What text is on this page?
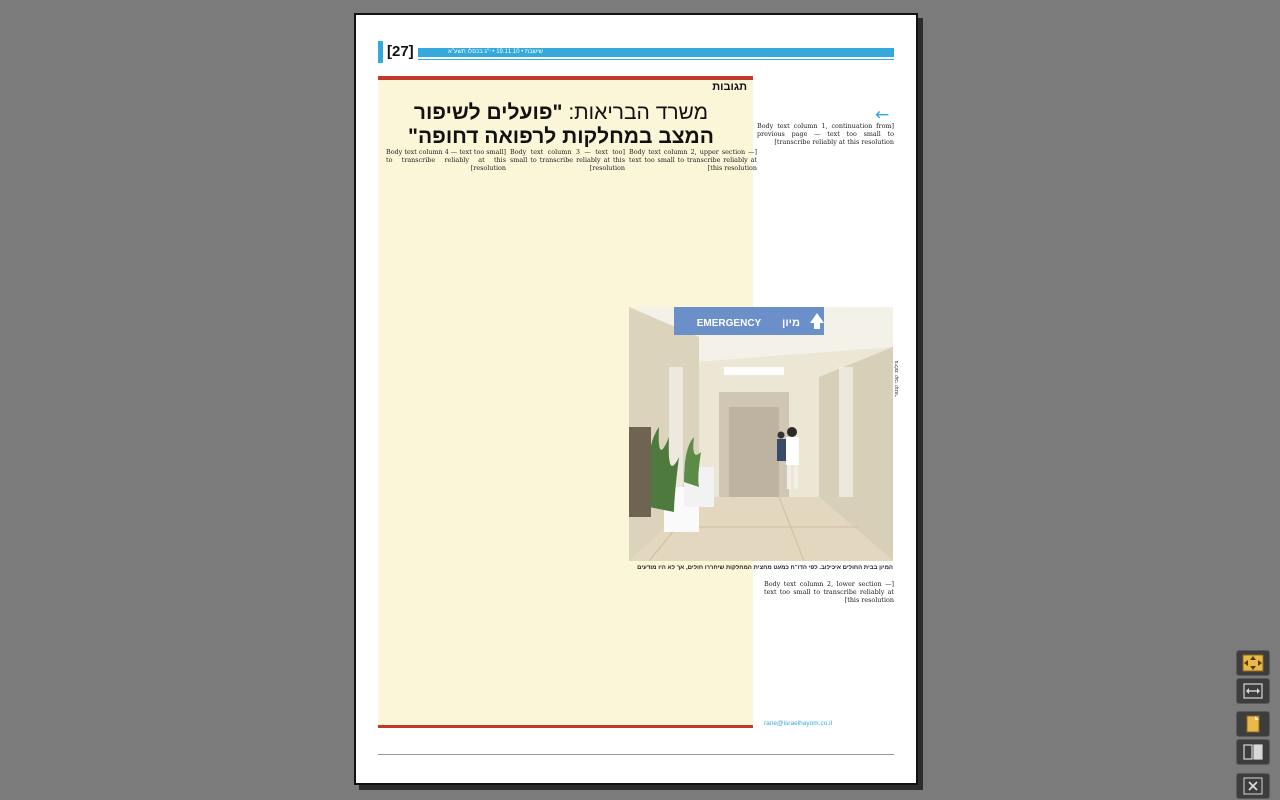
[27]	שישבת • 19.11.10 • י"ג בכסלו תשע"א
תגובות
משרד הבריאות: "פועלים לשיפור
המצב במחלקות לרפואה דחופה"	[Body text column 1, continuation from previous page — text too small to transcribe reliably at this resolution]

[Body text column 2, upper section — text too small to transcribe reliably at this resolution]

[Body text column 3 — text too small to transcribe reliably at this resolution]

[Body text column 4 — text too small to transcribe reliably at this resolution]

[Body text column 2, lower section — text too small to transcribe reliably at this resolution]

←
EMERGENCY מיון
המיון בבית החולים איכילוב. לפי הדו"ח כמעט מחצית המחלקות שיחררו חולים, אך לא היו מודעים
צילום: קובי קנטור
rane@israelhayom.co.il
